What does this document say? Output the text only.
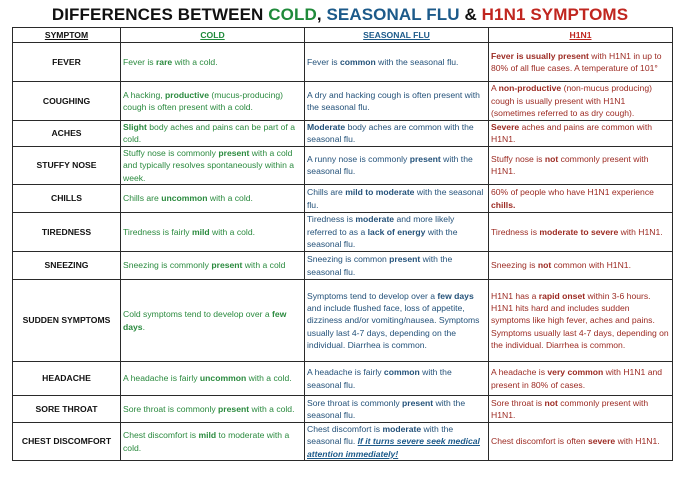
DIFFERENCES BETWEEN COLD, SEASONAL FLU & H1N1 SYMPTOMS
SYMPTOM	COLD	SEASONAL FLU	H1N1
FEVER	Fever is rare with a cold.	Fever is common with the seasonal flu.	Fever is usually present with H1N1 in up to 80% of all flue cases. A temperature of 101°
COUGHING	A hacking, productive (mucus-producing) cough is often present with a cold.	A dry and hacking cough is often present with the seasonal flu.	A non-productive (non-mucus producing) cough is usually present with H1N1 (sometimes referred to as dry cough).
ACHES	Slight body aches and pains can be part of a cold.	Moderate body aches are common with the seasonal flu.	Severe aches and pains are common with H1N1.
STUFFY NOSE	Stuffy nose is commonly present with a cold and typically resolves spontaneously within a week.	A runny nose is commonly present with the seasonal flu.	Stuffy nose is not commonly present with H1N1.
CHILLS	Chills are uncommon with a cold.	Chills are mild to moderate with the seasonal flu.	60% of people who have H1N1 experience chills.
TIREDNESS	Tiredness is fairly mild with a cold.	Tiredness is moderate and more likely referred to as a lack of energy with the seasonal flu.	Tiredness is moderate to severe with H1N1.
SNEEZING	Sneezing is commonly present with a cold	Sneezing is common present with the seasonal flu.	Sneezing is not common with H1N1.
SUDDEN SYMPTOMS	Cold symptoms tend to develop over a few days.	Symptoms tend to develop over a few days and include flushed face, loss of appetite, dizziness and/or vomiting/nausea. Symptoms usually last 4-7 days, depending on the individual. Diarrhea is common.	H1N1 has a rapid onset within 3-6 hours. H1N1 hits hard and includes sudden symptoms like high fever, aches and pains. Symptoms usually last 4-7 days, depending on the individual. Diarrhea is common.
HEADACHE	A headache is fairly uncommon with a cold.	A headache is fairly common with the seasonal flu.	A headache is very common with H1N1 and present in 80% of cases.
SORE THROAT	Sore throat is commonly present with a cold.	Sore throat is commonly present with the seasonal flu.	Sore throat is not commonly present with H1N1.
CHEST DISCOMFORT	Chest discomfort is mild to moderate with a cold.	Chest discomfort is moderate with the seasonal flu. If it turns severe seek medical attention immediately!	Chest discomfort is often severe with H1N1.
